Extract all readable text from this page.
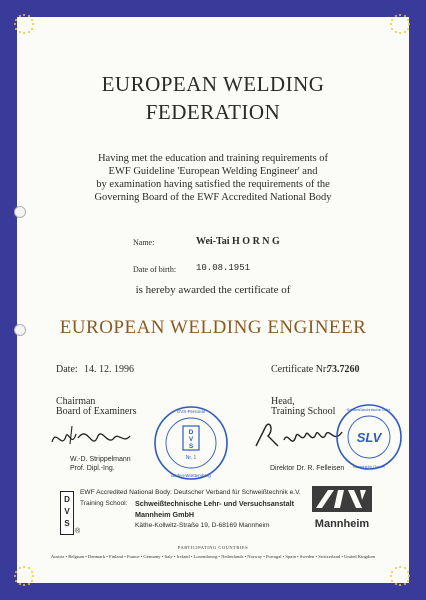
EUROPEAN WELDING
FEDERATION
Having met the education and training requirements of
EWF Guideline 'European Welding Engineer' and
by examination having satisfied the requirements of the
Governing Board of the EWF Accredited National Body
Name:	Wei-Tai H O R N G
Date of birth: 10.08.1951
is hereby awarded the certificate of
EUROPEAN WELDING ENGINEER
Date: 14. 12. 1996	Certificate Nr:
73.7260
Chairman
Board of Examiners
Head,
Training School
D
V
S
Nr. 1
DVS-Personal
Baden-Württemberg
SLV
Schweißtechnische Lehr-
Mannheim GmbH
W.-D. Strippelmann
Prof. Dipl.-Ing.	Direktor Dr. R. Felleisen
D
V
S
®
Mannheim
EWF Accredited National Body: Deutscher Verband für Schweißtechnik e.V.
Training School: Schweißtechnische Lehr- und Versuchsanstalt
Mannheim GmbH
Käthe-Kollwitz-Straße 19, D-68169 Mannheim
PARTICIPATING COUNTRIES
Austria • Belgium • Denmark • Finland • France • Germany • Italy • Ireland • Luxembourg • Netherlands • Norway • Portugal • Spain • Sweden • Switzerland • United Kingdom
